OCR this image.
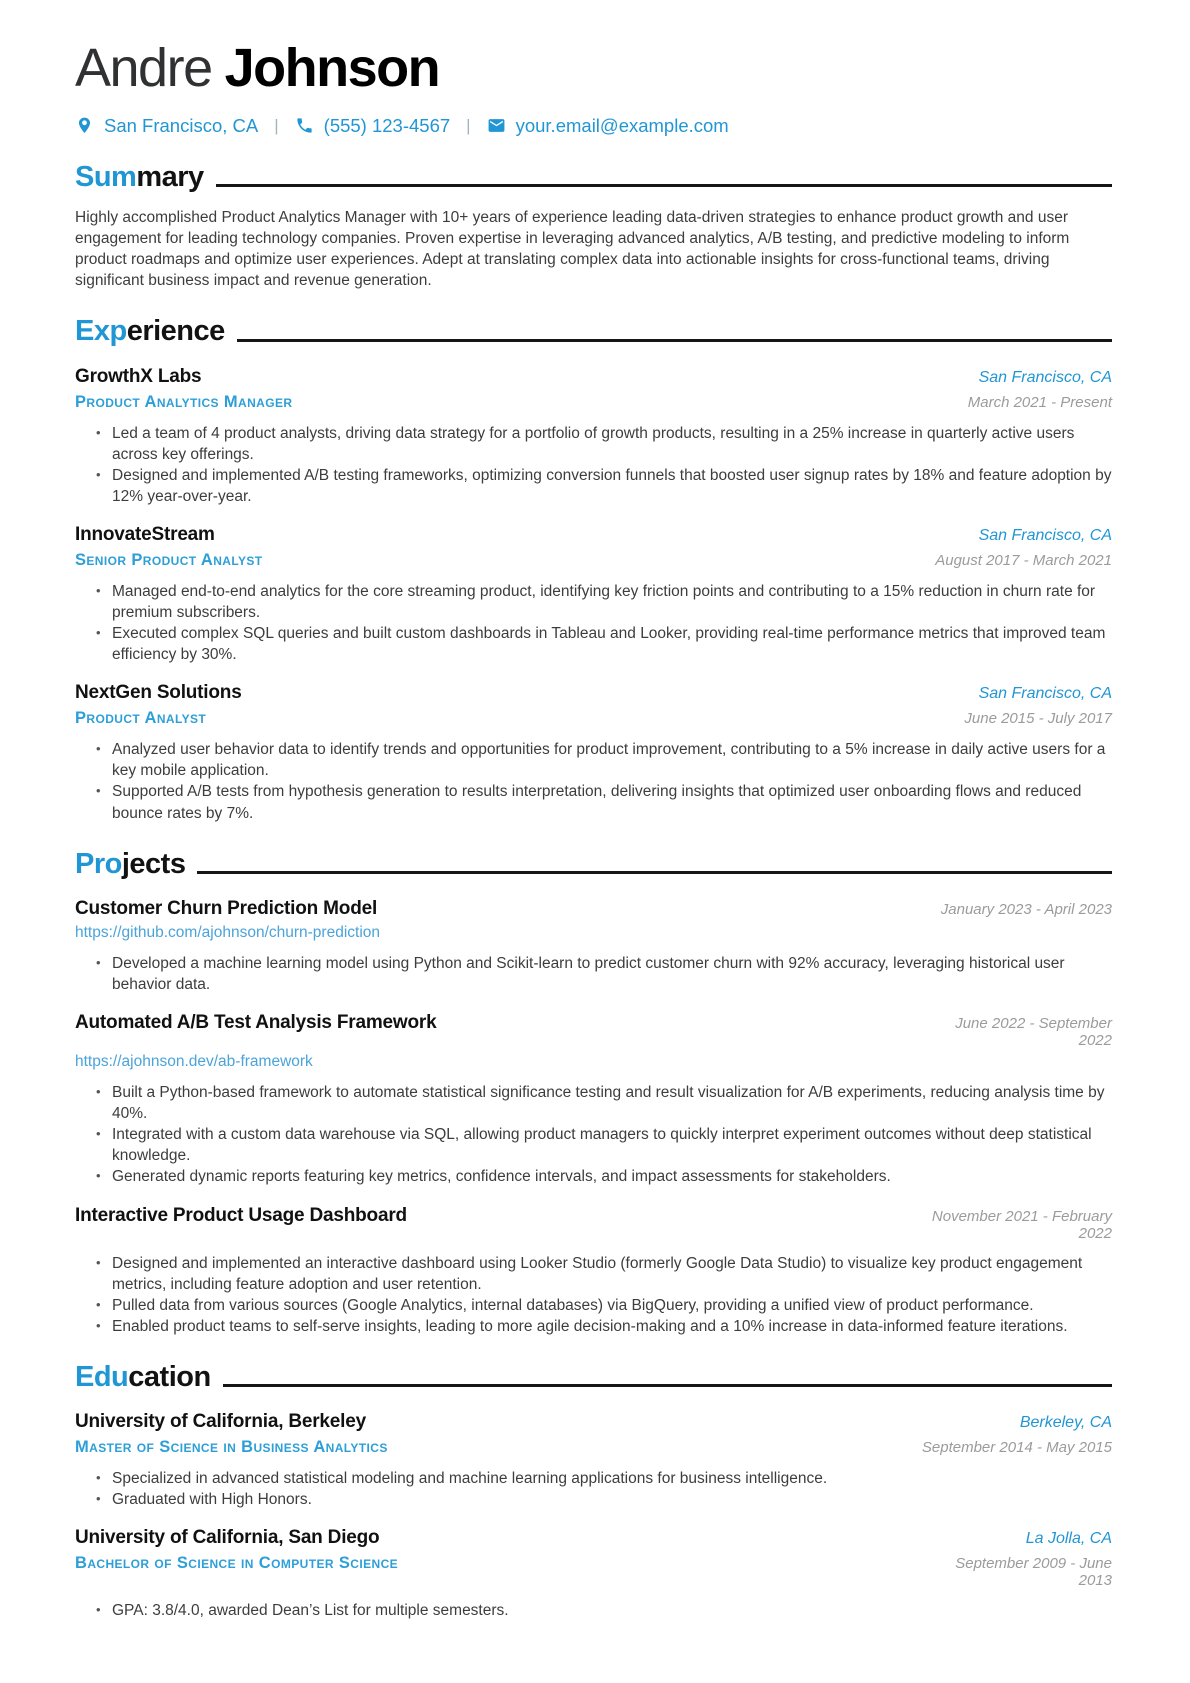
Andre Johnson
San Francisco, CA | (555) 123-4567 | your.email@example.com
Sum mary

Highly accomplished Product Analytics Manager with 10+ years of experience leading data-driven strategies to enhance product growth and user engagement for leading technology companies. Proven expertise in leveraging advanced analytics, A/B testing, and predictive modeling to inform product roadmaps and optimize user experiences. Adept at translating complex data into actionable insights for cross-functional teams, driving significant business impact and revenue generation.

Exp erience
GrowthX Labs	San Francisco, CA
Product Analytics Manager	March 2021 - Present
• Led a team of 4 product analysts, driving data strategy for a portfolio of growth products, resulting in a 25% increase in quarterly active users across key offerings.
• Designed and implemented A/B testing frameworks, optimizing conversion funnels that boosted user signup rates by 18% and feature adoption by 12% year-over-year.
InnovateStream	San Francisco, CA
Senior Product Analyst	August 2017 - March 2021
• Managed end-to-end analytics for the core streaming product, identifying key friction points and contributing to a 15% reduction in churn rate for premium subscribers.
• Executed complex SQL queries and built custom dashboards in Tableau and Looker, providing real-time performance metrics that improved team efficiency by 30%.
NextGen Solutions	San Francisco, CA
Product Analyst	June 2015 - July 2017
• Analyzed user behavior data to identify trends and opportunities for product improvement, contributing to a 5% increase in daily active users for a key mobile application.
• Supported A/B tests from hypothesis generation to results interpretation, delivering insights that optimized user onboarding flows and reduced bounce rates by 7%.
Pro jects
Customer Churn Prediction Model	January 2023 - April 2023
https://github.com/ajohnson/churn-prediction
• Developed a machine learning model using Python and Scikit-learn to predict customer churn with 92% accuracy, leveraging historical user behavior data.
Automated A/B Test Analysis Framework	June 2022 - September 2022
https://ajohnson.dev/ab-framework
• Built a Python-based framework to automate statistical significance testing and result visualization for A/B experiments, reducing analysis time by 40%.
• Integrated with a custom data warehouse via SQL, allowing product managers to quickly interpret experiment outcomes without deep statistical knowledge.
• Generated dynamic reports featuring key metrics, confidence intervals, and impact assessments for stakeholders.
Interactive Product Usage Dashboard	November 2021 - February 2022
• Designed and implemented an interactive dashboard using Looker Studio (formerly Google Data Studio) to visualize key product engagement metrics, including feature adoption and user retention.
• Pulled data from various sources (Google Analytics, internal databases) via BigQuery, providing a unified view of product performance.
• Enabled product teams to self-serve insights, leading to more agile decision-making and a 10% increase in data-informed feature iterations.
Edu cation
University of California, Berkeley	Berkeley, CA
Master of Science in Business Analytics	September 2014 - May 2015
• Specialized in advanced statistical modeling and machine learning applications for business intelligence.
• Graduated with High Honors.
University of California, San Diego	La Jolla, CA
Bachelor of Science in Computer Science	September 2009 - June 2013
• GPA: 3.8/4.0, awarded Dean’s List for multiple semesters.
